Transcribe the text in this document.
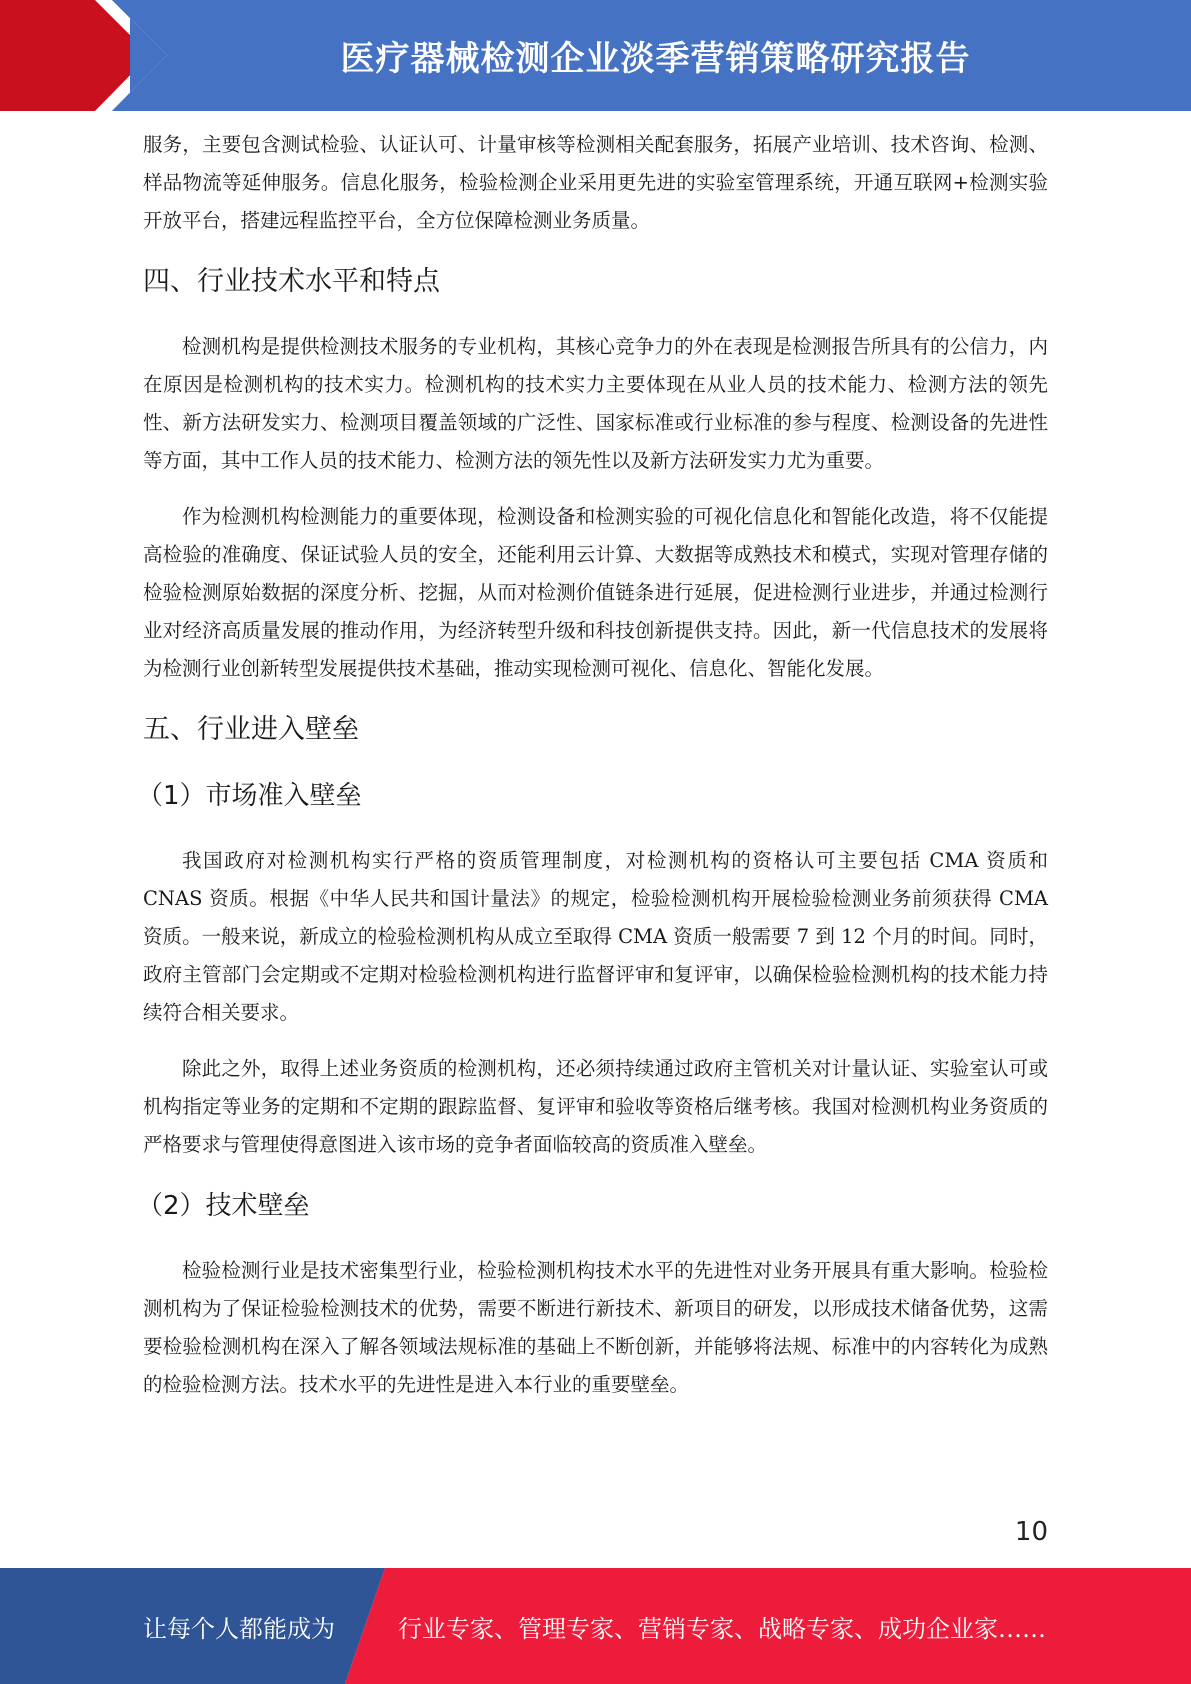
医疗器械检测企业淡季营销策略研究报告

服务，主要包含测试检验、认证认可、计量审核等检测相关配套服务，拓展产业培训、技术咨询、检测、样品物流等延伸服务。信息化服务，检验检测企业采用更先进的实验室管理系统，开通互联网+检测实验开放平台，搭建远程监控平台，全方位保障检测业务质量。

四、行业技术水平和特点

检测机构是提供检测技术服务的专业机构，其核心竞争力的外在表现是检测报告所具有的公信力，内在原因是检测机构的技术实力。检测机构的技术实力主要体现在从业人员的技术能力、检测方法的领先性、新方法研发实力、检测项目覆盖领域的广泛性、国家标准或行业标准的参与程度、检测设备的先进性等方面，其中工作人员的技术能力、检测方法的领先性以及新方法研发实力尤为重要。

作为检测机构检测能力的重要体现，检测设备和检测实验的可视化信息化和智能化改造，将不仅能提高检验的准确度、保证试验人员的安全，还能利用云计算、大数据等成熟技术和模式，实现对管理存储的检验检测原始数据的深度分析、挖掘，从而对检测价值链条进行延展，促进检测行业进步，并通过检测行业对经济高质量发展的推动作用，为经济转型升级和科技创新提供支持。因此，新一代信息技术的发展将为检测行业创新转型发展提供技术基础，推动实现检测可视化、信息化、智能化发展。

五、行业进入壁垒
（1）市场准入壁垒

我国政府对检测机构实行严格的资质管理制度，对检测机构的资格认可主要包括 CMA 资质和 CNAS 资质。根据《中华人民共和国计量法》的规定，检验检测机构开展检验检测业务前须获得 CMA 资质。一般来说，新成立的检验检测机构从成立至取得 CMA 资质一般需要 7 到 12 个月的时间。同时，政府主管部门会定期或不定期对检验检测机构进行监督评审和复评审，以确保检验检测机构的技术能力持续符合相关要求。

除此之外，取得上述业务资质的检测机构，还必须持续通过政府主管机关对计量认证、实验室认可或机构指定等业务的定期和不定期的跟踪监督、复评审和验收等资格后继考核。我国对检测机构业务资质的严格要求与管理使得意图进入该市场的竞争者面临较高的资质准入壁垒。

（2）技术壁垒

检验检测行业是技术密集型行业，检验检测机构技术水平的先进性对业务开展具有重大影响。检验检测机构为了保证检验检测技术的优势，需要不断进行新技术、新项目的研发，以形成技术储备优势，这需要检验检测机构在深入了解各领域法规标准的基础上不断创新，并能够将法规、标准中的内容转化为成熟的检验检测方法。技术水平的先进性是进入本行业的重要壁垒。

10
让每个人都能成为	行业专家、管理专家、营销专家、战略专家、成功企业家……
